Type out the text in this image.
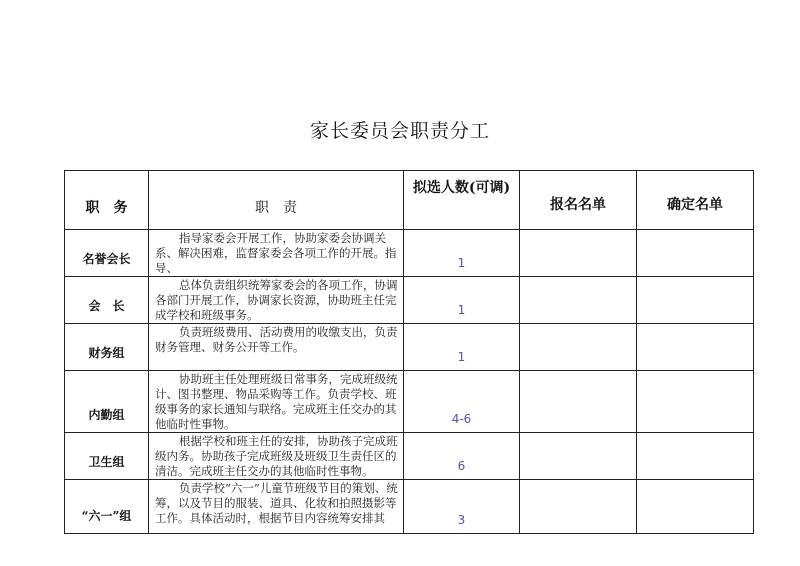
家长委员会职责分工
职　务	职　责	拟选人数(可调)	报名名单	确定名单

名誉会长	指导家委会开展工作，协助家委会协调关系、解决困难，监督家委会各项工作的开展。指导、	1		

会　长	总体负责组织统筹家委会的各项工作，协调各部门开展工作，协调家长资源，协助班主任完成学校和班级事务。	1		

财务组	负责班级费用、活动费用的收缴支出，负责财务管理、财务公开等工作。	1		

内勤组	协助班主任处理班级日常事务，完成班级统计、图书整理、物品采购等工作。负责学校、班级事务的家长通知与联络。完成班主任交办的其他临时性事物。	4-6		

卫生组	根据学校和班主任的安排，协助孩子完成班级内务。协助孩子完成班级及班级卫生责任区的清洁。完成班主任交办的其他临时性事物。	6		

“六一”组	负责学校“六一”儿童节班级节目的策划、统筹，以及节目的服装、道具、化妆和拍照摄影等工作。具体活动时，根据节目内容统筹安排其	3		
